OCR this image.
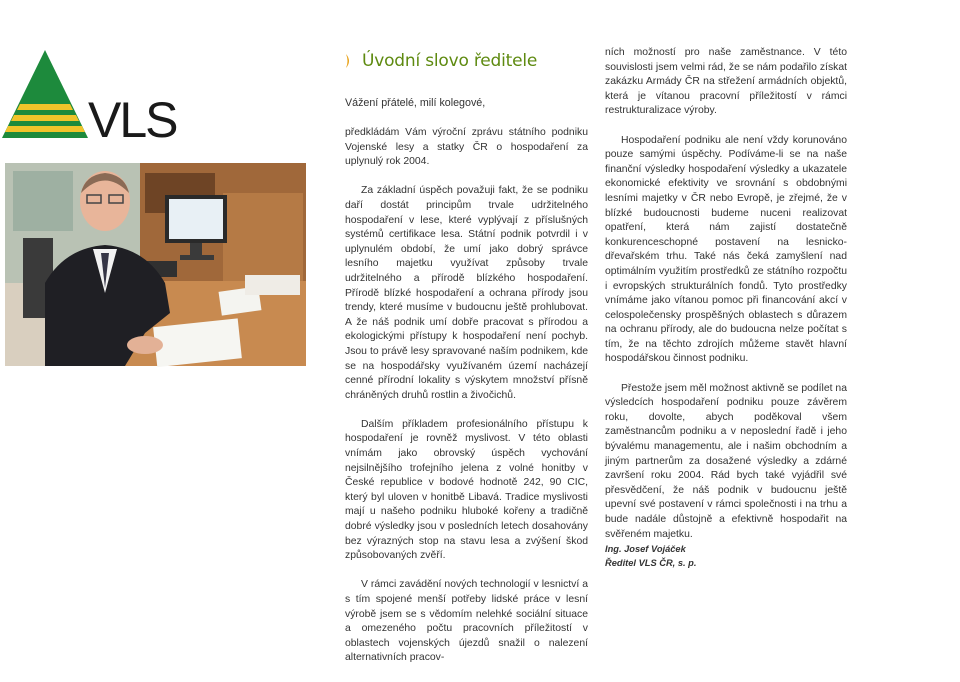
VLS
Úvodní slovo ředitele
Vážení přátelé, milí kolegové,

předkládám Vám výroční zprávu státního podniku Vojenské lesy a statky ČR o hospodaření za uplynulý rok 2004.

Za základní úspěch považuji fakt, že se podniku daří dostát principům trvale udržitelného hospodaření v lese, které vyplývají z příslušných systémů certifikace lesa. Státní podnik potvrdil i v uplynulém období, že umí jako dobrý správce lesního majetku využívat způsoby trvale udržitelného a přírodě blízkého hospodaření. Přírodě blízké hospodaření a ochrana přírody jsou trendy, které musíme v budoucnu ještě prohlubovat. A že náš podnik umí dobře pracovat s přírodou a ekologickými přístupy k hospodaření není pochyb. Jsou to právě lesy spravované naším podnikem, kde se na hospodářsky využívaném území nacházejí cenné přírodní lokality s výskytem množství přísně chráněných druhů rostlin a živočichů.

Dalším příkladem profesionálního přístupu k hospodaření je rovněž myslivost. V této oblasti vnímám jako obrovský úspěch vychování nejsilnějšího trofejního jelena z volné honitby v České republice v bodové hodnotě 242, 90 CIC, který byl uloven v honitbě Libavá. Tradice myslivosti mají u našeho podniku hluboké kořeny a tradičně dobré výsledky jsou v posledních letech dosahovány bez výrazných stop na stavu lesa a zvýšení škod způsobovaných zvěří.

V rámci zavádění nových technologií v lesnictví a s tím spojené menší potřeby lidské práce v lesní výrobě jsem se s vědomím nelehké sociální situace a omezeného počtu pracovních příležitostí v oblastech vojenských újezdů snažil o nalezení alternativních pracov-

ních možností pro naše zaměstnance. V této souvislosti jsem velmi rád, že se nám podařilo získat zakázku Armády ČR na střežení armádních objektů, která je vítanou pracovní příležitostí v rámci restrukturalizace výroby.

Hospodaření podniku ale není vždy korunováno pouze samými úspěchy. Podíváme-li se na naše finanční výsledky hospodaření výsledky a ukazatele ekonomické efektivity ve srovnání s obdobnými lesními majetky v ČR nebo Evropě, je zřejmé, že v blízké budoucnosti budeme nuceni realizovat opatření, která nám zajistí dostatečně konkurenceschopné postavení na lesnicko-dřevařském trhu. Také nás čeká zamyšlení nad optimálním využitím prostředků ze státního rozpočtu i evropských strukturálních fondů. Tyto prostředky vnímáme jako vítanou pomoc při financování akcí v celospolečensky prospěšných oblastech s důrazem na ochranu přírody, ale do budoucna nelze počítat s tím, že na těchto zdrojích můžeme stavět hlavní hospodářskou činnost podniku.

Přestože jsem měl možnost aktivně se podílet na výsledcích hospodaření podniku pouze závěrem roku, dovolte, abych poděkoval všem zaměstnancům podniku a v neposlední řadě i jeho bývalému managementu, ale i našim obchodním a jiným partnerům za dosažené výsledky a zdárné završení roku 2004. Rád bych také vyjádřil své přesvědčení, že náš podnik v budoucnu ještě upevní své postavení v rámci společnosti i na trhu a bude nadále důstojně a efektivně hospodařit na svěřeném majetku.

Ing. Josef Vojáček

Ředitel VLS ČR, s. p.
